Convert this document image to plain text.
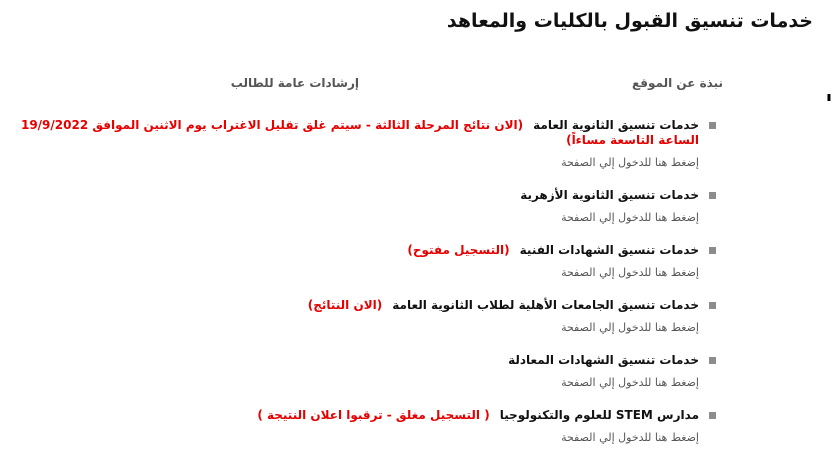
خدمات تنسيق القبول بالكليات والمعاهد
نبذة عن الموقع
إرشادات عامة للطالب
'
خدمات تنسيق الثانوية العامة(الان نتائج المرحلة الثالثة - سيتم غلق تقليل الاغتراب يوم الاثنين الموافق 19/9/2022 الساعة التاسعة مساءاً)
إضغط هنا للدخول إلي الصفحة
خدمات تنسيق الثانوية الأزهرية
إضغط هنا للدخول إلي الصفحة
خدمات تنسيق الشهادات الفنية(التسجيل مفتوح)
إضغط هنا للدخول إلي الصفحة
خدمات تنسيق الجامعات الأهلية لطلاب الثانوية العامة(الان النتائج)
إضغط هنا للدخول إلي الصفحة
خدمات تنسيق الشهادات المعادلة
إضغط هنا للدخول إلي الصفحة
مدارس STEM للعلوم والتكنولوجيا( التسجيل مغلق - ترقبوا اعلان النتيجة )
إضغط هنا للدخول إلي الصفحة
